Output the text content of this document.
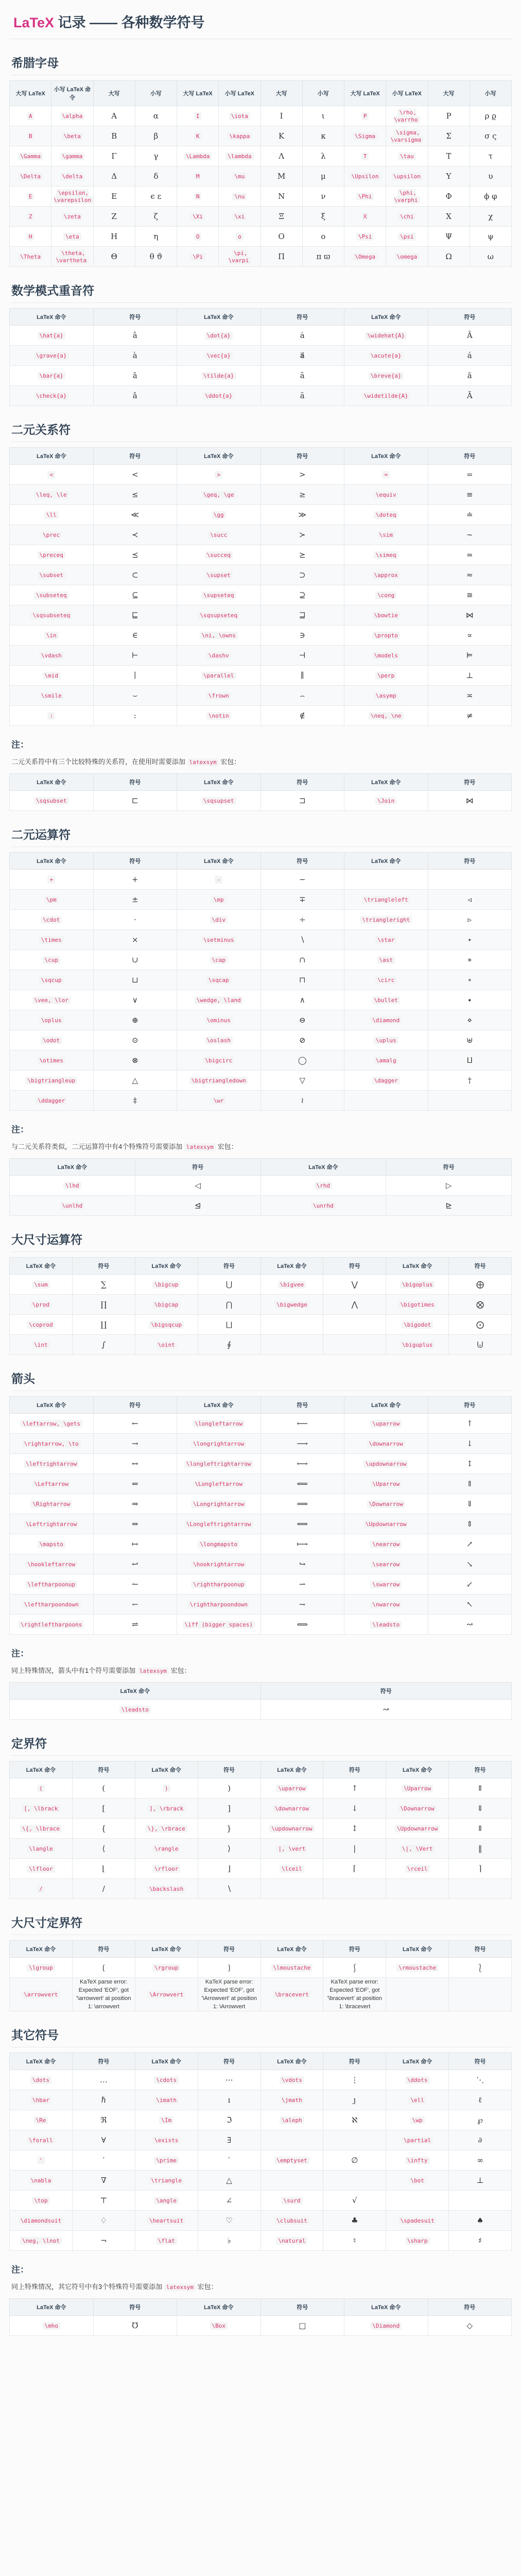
LaTeX 记录 —— 各种数学符号
希腊字母
大写 LaTeX	小写 LaTeX 命令	大写	小写	大写 LaTeX	小写 LaTeX	大写	小写	大写 LaTeX	小写 LaTeX	大写	小写
A	\alpha	Α	α	I	\iota	Ι	ι	P	\rho, \varrho	Ρ	ρ ϱ
B	\beta	Β	β	K	\kappa	Κ	κ	\Sigma	\sigma, \varsigma	Σ	σ ς
\Gamma	\gamma	Γ	γ	\Lambda	\lambda	Λ	λ	T	\tau	Τ	τ
\Delta	\delta	Δ	δ	M	\mu	Μ	μ	\Upsilon	\upsilon	Υ	υ
E	\epsilon, \varepsilon	Ε	ϵ ε	N	\nu	Ν	ν	\Phi	\phi, \varphi	Φ	ϕ φ
Z	\zeta	Ζ	ζ	\Xi	\xi	Ξ	ξ	X	\chi	Χ	χ
H	\eta	Η	η	O	o	Ο	ο	\Psi	\psi	Ψ	ψ
\Theta	\theta, \vartheta	Θ	θ ϑ	\Pi	\pi, \varpi	Π	π ϖ	\Omega	\omega	Ω	ω
数学模式重音符
LaTeX 命令	符号	LaTeX 命令	符号	LaTeX 命令	符号
\hat{a}	â	\dot{a}	ȧ	\widehat{A}	Â
\grave{a}	à	\vec{a}	a⃗	\acute{a}	á
\bar{a}	ā	\tilde{a}	ã	\breve{a}	ă
\check{a}	ǎ	\ddot{a}	ä	\widetilde{A}	Ã
二元关系符
LaTeX 命令	符号	LaTeX 命令	符号	LaTeX 命令	符号
<	<	>	>	=	=
\leq, \le	≤	\geq, \ge	≥	\equiv	≡
\ll	≪	\gg	≫	\doteq	≐
\prec	≺	\succ	≻	\sim	∼
\preceq	⪯	\succeq	⪰	\simeq	≃
\subset	⊂	\supset	⊃	\approx	≈
\subseteq	⊆	\supseteq	⊇	\cong	≅
\sqsubseteq	⊑	\sqsupseteq	⊒	\bowtie	⋈
\in	∈	\ni, \owns	∋	\propto	∝
\vdash	⊢	\dashv	⊣	\models	⊨
\mid	∣	\parallel	∥	\perp	⊥
\smile	⌣	\frown	⌢	\asymp	≍
:	:	\notin	∉	\neq, \ne	≠
注：

二元关系符中有三个比较特殊的关系符，在使用时需要添加 latexsym 宏包：

LaTeX 命令	符号	LaTeX 命令	符号	LaTeX 命令	符号
\sqsubset	⊏	\sqsupset	⊐	\Join	⋈
二元运算符
LaTeX 命令	符号	LaTeX 命令	符号	LaTeX 命令	符号
+	+	-	−		
\pm	±	\mp	∓	\triangleleft	◃
\cdot	⋅	\div	÷	\triangleright	▹
\times	×	\setminus	∖	\star	⋆
\cup	∪	\cap	∩	\ast	∗
\sqcup	⊔	\sqcap	⊓	\circ	∘
\vee, \lor	∨	\wedge, \land	∧	\bullet	∙
\oplus	⊕	\ominus	⊖	\diamond	⋄
\odot	⊙	\oslash	⊘	\uplus	⊎
\otimes	⊗	\bigcirc	◯	\amalg	⨿
\bigtriangleup	△	\bigtriangledown	▽	\dagger	†
\ddagger	‡	\wr	≀		
注：

与二元关系符类似，二元运算符中有4个特殊符号需要添加 latexsym 宏包：

LaTeX 命令	符号	LaTeX 命令	符号
\lhd	◁	\rhd	▷
\unlhd	⊴	\unrhd	⊵
大尺寸运算符
LaTeX 命令	符号	LaTeX 命令	符号	LaTeX 命令	符号	LaTeX 命令	符号
\sum	∑	\bigcup	⋃	\bigvee	⋁	\bigoplus	⨁
\prod	∏	\bigcap	⋂	\bigwedge	⋀	\bigotimes	⨂
\coprod	∐	\bigsqcup	⨆			\bigodot	⨀
\int	∫	\oint	∮			\biguplus	⨄
箭头
LaTeX 命令	符号	LaTeX 命令	符号	LaTeX 命令	符号
\leftarrow, \gets	←	\longleftarrow	⟵	\uparrow	↑
\rightarrow, \to	→	\longrightarrow	⟶	\downarrow	↓
\leftrightarrow	↔	\longleftrightarrow	⟷	\updownarrow	↕
\Leftarrow	⇐	\Longleftarrow	⟸	\Uparrow	⇑
\Rightarrow	⇒	\Longrightarrow	⟹	\Downarrow	⇓
\Leftrightarrow	⇔	\Longleftrightarrow	⟺	\Updownarrow	⇕
\mapsto	↦	\longmapsto	⟼	\nearrow	↗
\hookleftarrow	↩	\hookrightarrow	↪	\searrow	↘
\leftharpoonup	↼	\rightharpoonup	⇀	\swarrow	↙
\leftharpoondown	↽	\rightharpoondown	⇁	\nwarrow	↖
\rightleftharpoons	⇌	\iff (bigger spaces)	⟺	\leadsto	↝
注：

同上特殊情况，箭头中有1个符号需要添加 latexsym 宏包：

LaTeX 命令	符号
\leadsto	↝
定界符
LaTeX 命令	符号	LaTeX 命令	符号	LaTeX 命令	符号	LaTeX 命令	符号
(	(	)	)	\uparrow	↑	\Uparrow	⇑
[, \lbrack	[	], \rbrack	]	\downarrow	↓	\Downarrow	⇓
\{, \lbrace	{	\}, \rbrace	}	\updownarrow	↕	\Updownarrow	⇕
\langle	⟨	\rangle	⟩	|, \vert	|	\|, \Vert	‖
\lfloor	⌊	\rfloor	⌋	\lceil	⌈	\rceil	⌉
/	/	\backslash	∖				
大尺寸定界符
LaTeX 命令	符号	LaTeX 命令	符号	LaTeX 命令	符号	LaTeX 命令	符号
\lgroup	⟮	\rgroup	⟯	\lmoustache	⎰	\rmoustache	⎱
\arrowvert	KaTeX parse error: Expected 'EOF', got '\arrowvert' at position 1: \arrowvert	\Arrowvert	KaTeX parse error: Expected 'EOF', got '\Arrowvert' at position 1: \Arrowvert	\bracevert	KaTeX parse error: Expected 'EOF', got '\bracevert' at position 1: \bracevert		
其它符号
LaTeX 命令	符号	LaTeX 命令	符号	LaTeX 命令	符号	LaTeX 命令	符号
\dots	…	\cdots	⋯	\vdots	⋮	\ddots	⋱
\hbar	ℏ	\imath	ı	\jmath	ȷ	\ell	ℓ
\Re	ℜ	\Im	ℑ	\aleph	ℵ	\wp	℘
\forall	∀	\exists	∃			\partial	∂
'	′	\prime	′	\emptyset	∅	\infty	∞
\nabla	∇	\triangle	△			\bot	⊥
\top	⊤	\angle	∠	\surd	√		
\diamondsuit	♢	\heartsuit	♡	\clubsuit	♣	\spadesuit	♠
\neg, \lnot	¬	\flat	♭	\natural	♮	\sharp	♯
注：

同上特殊情况，其它符号中有3个特殊符号需要添加 latexsym 宏包：

LaTeX 命令	符号	LaTeX 命令	符号	LaTeX 命令	符号
\mho	℧	\Box	□	\Diamond	◇
